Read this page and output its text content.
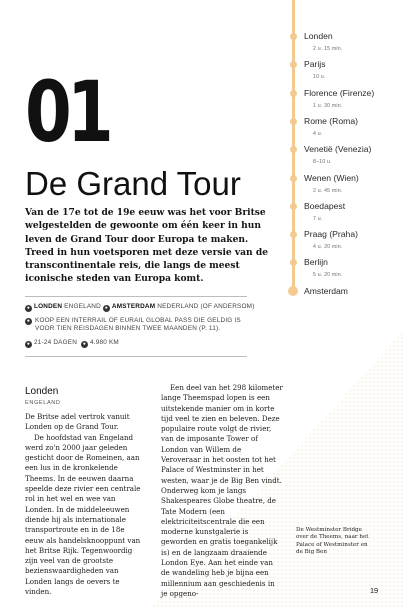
Londen
2 u. 15 min.
Parijs
10 u.
Florence (Firenze)
1 u. 30 min.
Rome (Roma)
4 u.
Venetië (Venezia)
8–10 u.
Wenen (Wien)
2 u. 45 min.
Boedapest
7 u.
Praag (Praha)
4 u. 20 min.
Berlijn
5 u. 20 min.
Amsterdam
01
De Grand Tour
Van de 17e tot de 19e eeuw was het voor Britse welgestelden de gewoonte om één keer in hun leven de Grand Tour door Europa te maken. Treed in hun voetsporen met deze versie van de transcontinentale reis, die langs de meest iconische steden van Europa komt.
● LONDEN ENGELAND ● AMSTERDAM NEDERLAND (OF ANDERSOM)
● KOOP EEN INTERRAIL OF EURAIL GLOBAL PASS DIE GELDIG IS VOOR TIEN REISDAGEN BINNEN TWEE MAANDEN (P. 11).
● 21-24 DAGEN ● 4.980 KM
Londen
ENGELAND

De Britse adel vertrok vanuit Londen op de Grand Tour.

De hoofdstad van Engeland werd zo'n 2000 jaar geleden gesticht door de Romeinen, aan een lus in de kronkelende Theems. In de eeuwen daarna speelde deze rivier een centrale rol in het wel en wee van Londen. In de middeleeuwen diende hij als internationale transportroute en in de 18e eeuw als handelsknooppunt van het Britse Rijk. Tegenwoordig zijn veel van de grootste bezienswaardigheden van Londen langs de oevers te vinden.

Een deel van het 298 kilometer lange Theemspad lopen is een uitstekende manier om in korte tijd veel te zien en beleven. Deze populaire route volgt de rivier, van de imposante Tower of London van Willem de Veroveraar in het oosten tot het Palace of Westminster in het westen, waar je de Big Ben vindt. Onderweg kom je langs Shakespeares Globe theatre, de Tate Modern (een elektriciteitscentrale die een moderne kunstgalerie is geworden en gratis toegankelijk is) en de langzaam draaiende London Eye. Aan het einde van de wandeling heb je bijna een millennium aan geschiedenis in je opgeno-

De Westminster Bridge over de Theems, naar het Palace of Westminster en de Big Ben
19
